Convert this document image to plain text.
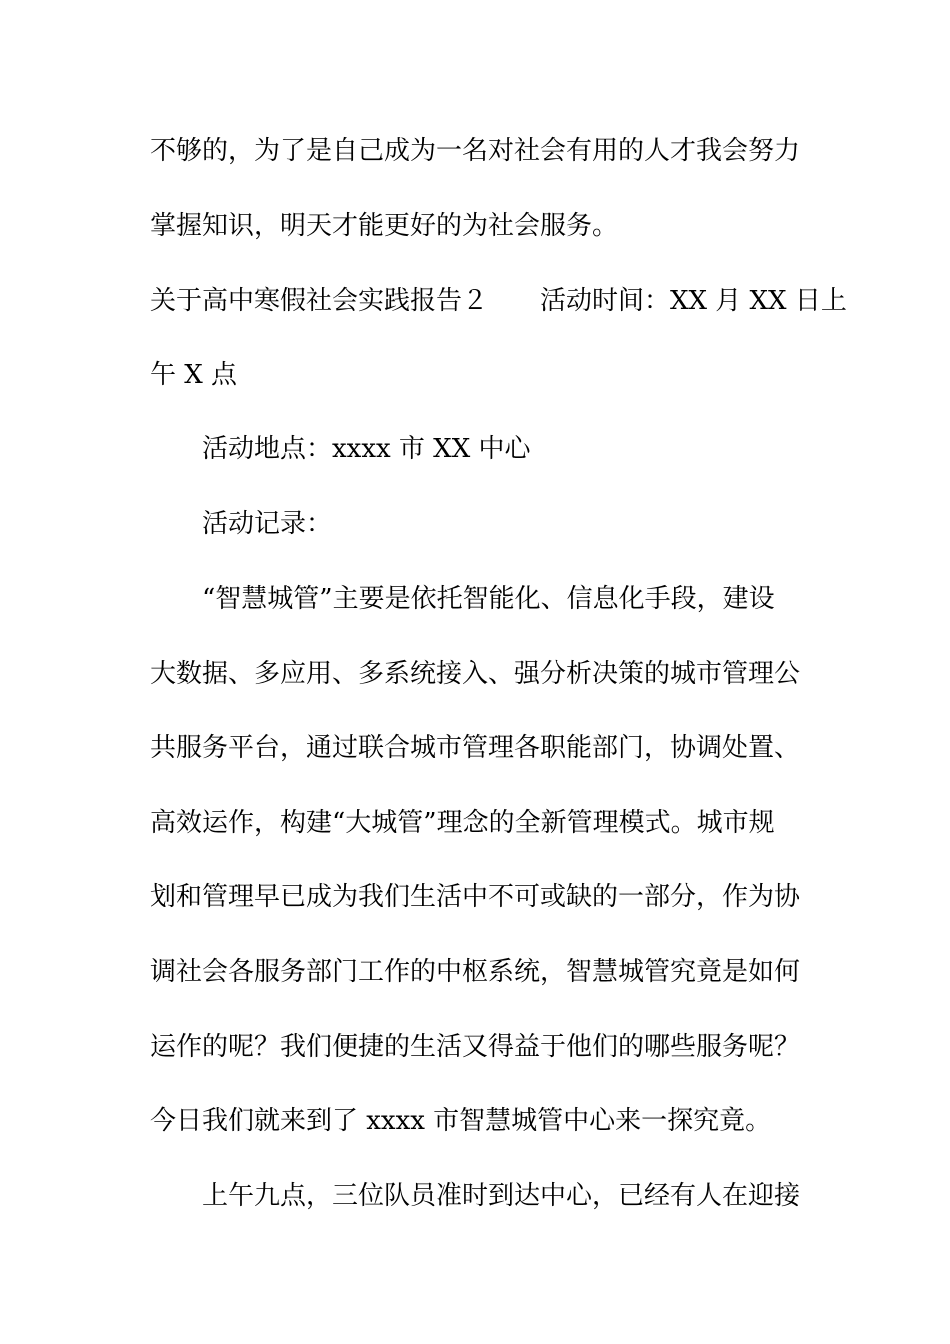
不够的，为了是自己成为一名对社会有用的人才我会努力
掌握知识，明天才能更好的为社会服务。
关于高中寒假社会实践报告２　　活动时间：XX 月 XX 日上
午 X 点
活动地点：xxxx 市 XX 中心
活动记录：
“智慧城管”主要是依托智能化、信息化手段，建设
大数据、多应用、多系统接入、强分析决策的城市管理公
共服务平台，通过联合城市管理各职能部门，协调处置、
高效运作，构建“大城管”理念的全新管理模式。城市规
划和管理早已成为我们生活中不可或缺的一部分，作为协
调社会各服务部门工作的中枢系统，智慧城管究竟是如何
运作的呢？我们便捷的生活又得益于他们的哪些服务呢？
今日我们就来到了 xxxx 市智慧城管中心来一探究竟。
上午九点，三位队员准时到达中心，已经有人在迎接
